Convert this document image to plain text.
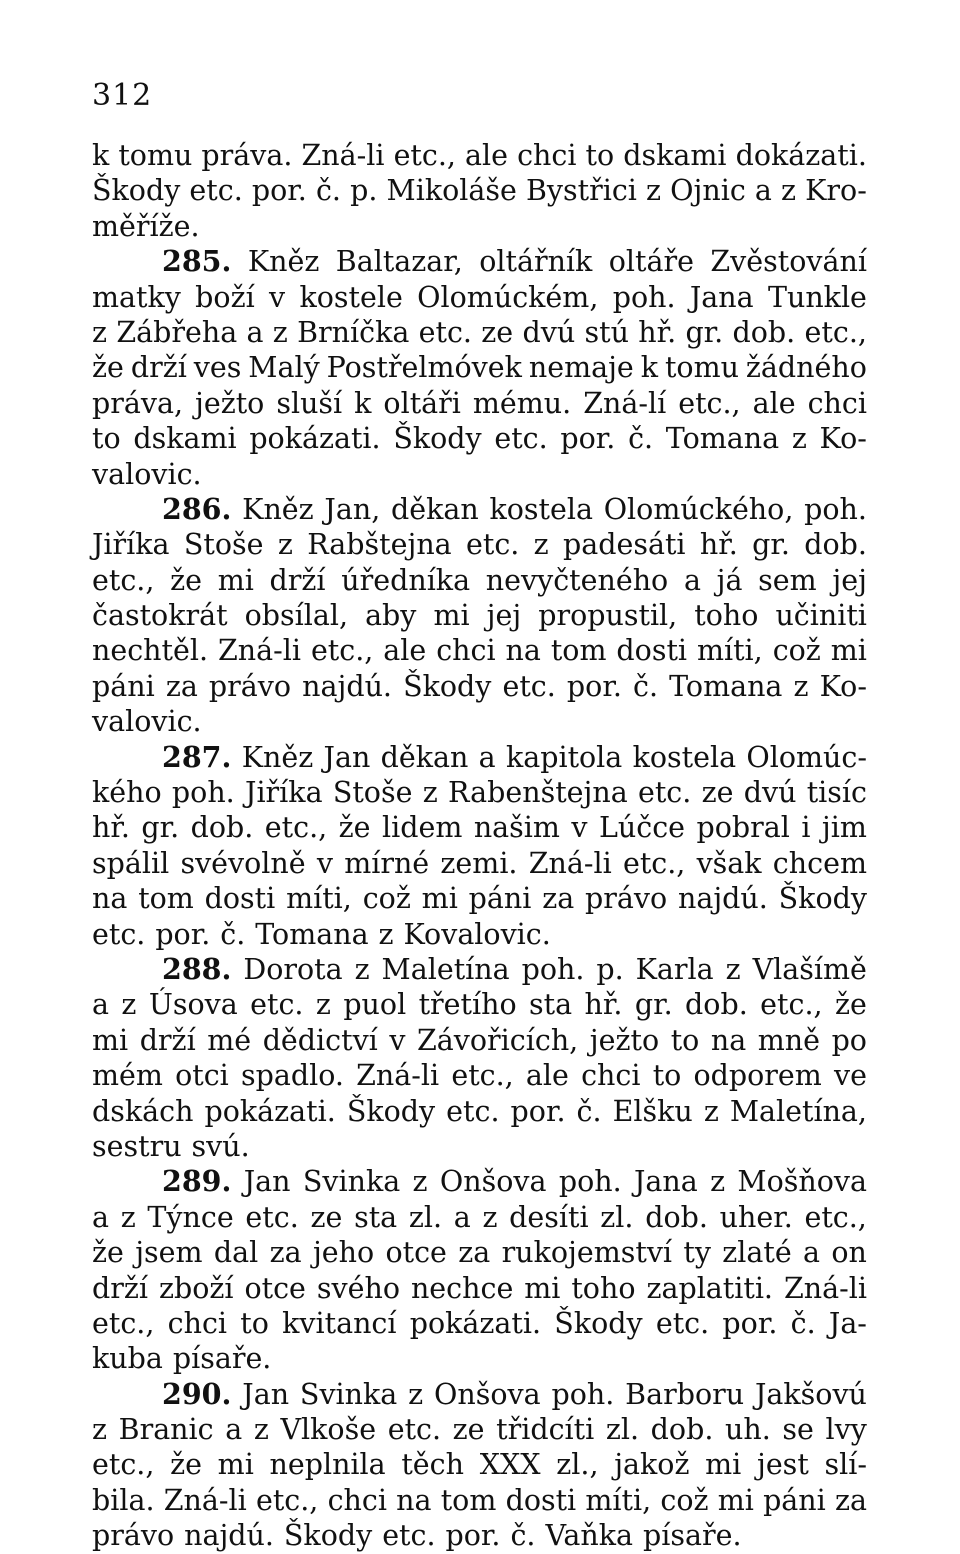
312
k tomu práva. Zná-li etc., ale chci to dskami dokázati.
Škody etc. por. č. p. Mikoláše Bystřici z Ojnic a z Kro-
měříže.
285. Kněz Baltazar, oltářník oltáře Zvěstování
matky boží v kostele Olomúckém, poh. Jana Tunkle
z Zábřeha a z Brníčka etc. ze dvú stú hř. gr. dob. etc.,
že drží ves Malý Postřelmóvek nemaje k tomu žádného
práva, ježto sluší k oltáři mému. Zná-lí etc., ale chci
to dskami pokázati. Škody etc. por. č. Tomana z Ko-
valovic.
286. Kněz Jan, děkan kostela Olomúckého, poh.
Jiříka Stoše z Rabštejna etc. z padesáti hř. gr. dob.
etc., že mi drží úředníka nevyčteného a já sem jej
častokrát obsílal, aby mi jej propustil, toho učiniti
nechtěl. Zná-li etc., ale chci na tom dosti míti, což mi
páni za právo najdú. Škody etc. por. č. Tomana z Ko-
valovic.
287. Kněz Jan děkan a kapitola kostela Olomúc-
kého poh. Jiříka Stoše z Rabenštejna etc. ze dvú tisíc
hř. gr. dob. etc., že lidem našim v Lúčce pobral i jim
spálil svévolně v mírné zemi. Zná-li etc., však chcem
na tom dosti míti, což mi páni za právo najdú. Škody
etc. por. č. Tomana z Kovalovic.
288. Dorota z Maletína poh. p. Karla z Vlašímě
a z Úsova etc. z puol třetího sta hř. gr. dob. etc., že
mi drží mé dědictví v Závořicích, ježto to na mně po
mém otci spadlo. Zná-li etc., ale chci to odporem ve
dskách pokázati. Škody etc. por. č. Elšku z Maletína,
sestru svú.
289. Jan Svinka z Onšova poh. Jana z Mošňova
a z Týnce etc. ze sta zl. a z desíti zl. dob. uher. etc.,
že jsem dal za jeho otce za rukojemství ty zlaté a on
drží zboží otce svého nechce mi toho zaplatiti. Zná-li
etc., chci to kvitancí pokázati. Škody etc. por. č. Ja-
kuba písaře.
290. Jan Svinka z Onšova poh. Barboru Jakšovú
z Branic a z Vlkoše etc. ze třidcíti zl. dob. uh. se lvy
etc., že mi neplnila těch XXX zl., jakož mi jest slí-
bila. Zná-li etc., chci na tom dosti míti, což mi páni za
právo najdú. Škody etc. por. č. Vaňka písaře.
